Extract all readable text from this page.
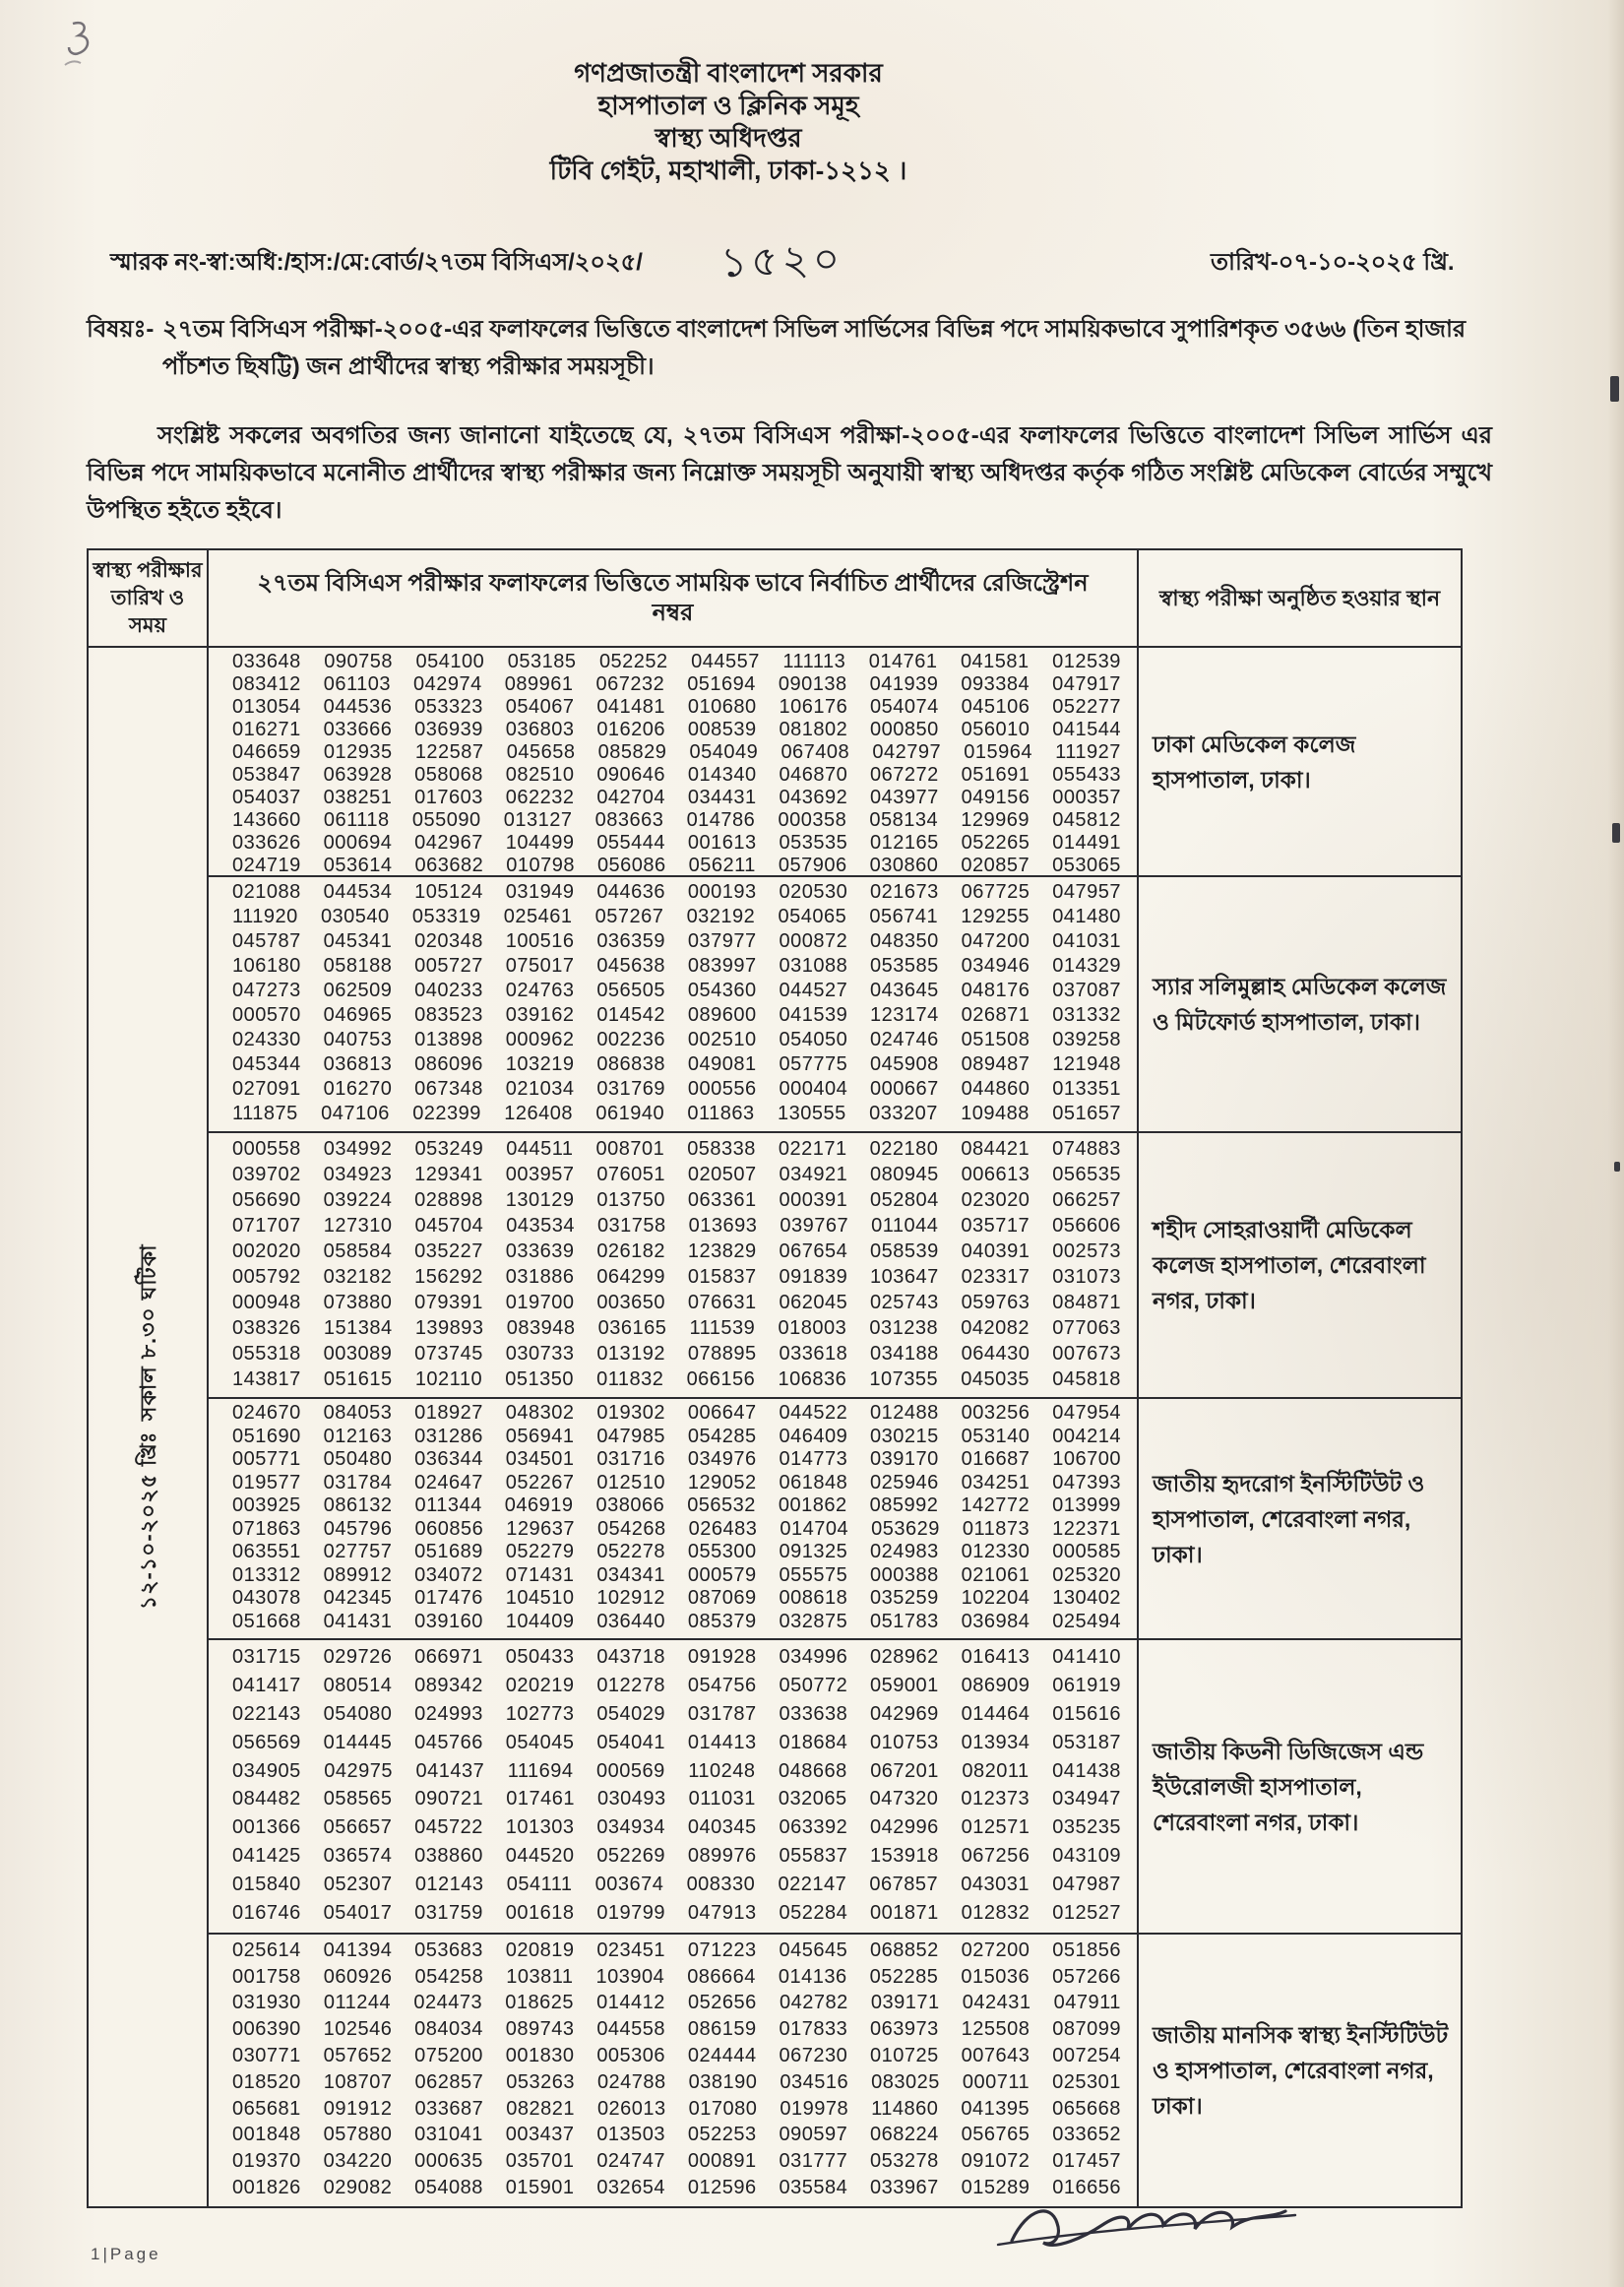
গণপ্রজাতন্ত্রী বাংলাদেশ সরকার
হাসপাতাল ও ক্লিনিক সমূহ
স্বাস্থ্য অধিদপ্তর
টিবি গেইট, মহাখালী, ঢাকা-১২১২ ।
স্মারক নং-স্বা:অধি:/হাস:/মে:বোর্ড/২৭তম বিসিএস/২০২৫/ ১৫২০	তারিখ-০৭-১০-২০২৫ খ্রি.
বিষয়ঃ- ২৭তম বিসিএস পরীক্ষা-২০০৫-এর ফলাফলের ভিত্তিতে বাংলাদেশ সিভিল সার্ভিসের বিভিন্ন পদে সাময়িকভাবে সুপারিশকৃত ৩৫৬৬ (তিন হাজার পাঁচশত ছিষট্টি) জন প্রার্থীদের স্বাস্থ্য পরীক্ষার সময়সূচী।
সংশ্লিষ্ট সকলের অবগতির জন্য জানানো যাইতেছে যে, ২৭তম বিসিএস পরীক্ষা-২০০৫-এর ফলাফলের ভিত্তিতে বাংলাদেশ সিভিল সার্ভিস এর বিভিন্ন পদে সাময়িকভাবে মনোনীত প্রার্থীদের স্বাস্থ্য পরীক্ষার জন্য নিম্নোক্ত সময়সূচী অনুযায়ী স্বাস্থ্য অধিদপ্তর কর্তৃক গঠিত সংশ্লিষ্ট মেডিকেল বোর্ডের সম্মুখে উপস্থিত হইতে হইবে।
স্বাস্থ্য পরীক্ষার তারিখ ও সময়
২৭তম বিসিএস পরীক্ষার ফলাফলের ভিত্তিতে সাময়িক ভাবে নির্বাচিত প্রার্থীদের রেজিস্ট্রেশন নম্বর
স্বাস্থ্য পরীক্ষা অনুষ্ঠিত হওয়ার স্থান
১২-১০-২০২৫ খ্রিঃ
সকাল ৮.৩০ ঘটিকা
033648 090758 054100 053185 052252 044557 111113 014761 041581 012539
083412 061103 042974 089961 067232 051694 090138 041939 093384 047917
013054 044536 053323 054067 041481 010680 106176 054074 045106 052277
016271 033666 036939 036803 016206 008539 081802 000850 056010 041544
046659 012935 122587 045658 085829 054049 067408 042797 015964 111927
053847 063928 058068 082510 090646 014340 046870 067272 051691 055433
054037 038251 017603 062232 042704 034431 043692 043977 049156 000357
143660 061118 055090 013127 083663 014786 000358 058134 129969 045812
033626 000694 042967 104499 055444 001613 053535 012165 052265 014491
024719 053614 063682 010798 056086 056211 057906 030860 020857 053065
ঢাকা মেডিকেল কলেজ হাসপাতাল, ঢাকা।
021088 044534 105124 031949 044636 000193 020530 021673 067725 047957
111920 030540 053319 025461 057267 032192 054065 056741 129255 041480
045787 045341 020348 100516 036359 037977 000872 048350 047200 041031
106180 058188 005727 075017 045638 083997 031088 053585 034946 014329
047273 062509 040233 024763 056505 054360 044527 043645 048176 037087
000570 046965 083523 039162 014542 089600 041539 123174 026871 031332
024330 040753 013898 000962 002236 002510 054050 024746 051508 039258
045344 036813 086096 103219 086838 049081 057775 045908 089487 121948
027091 016270 067348 021034 031769 000556 000404 000667 044860 013351
111875 047106 022399 126408 061940 011863 130555 033207 109488 051657
স্যার সলিমুল্লাহ মেডিকেল কলেজ ও মিটফোর্ড হাসপাতাল, ঢাকা।
000558 034992 053249 044511 008701 058338 022171 022180 084421 074883
039702 034923 129341 003957 076051 020507 034921 080945 006613 056535
056690 039224 028898 130129 013750 063361 000391 052804 023020 066257
071707 127310 045704 043534 031758 013693 039767 011044 035717 056606
002020 058584 035227 033639 026182 123829 067654 058539 040391 002573
005792 032182 156292 031886 064299 015837 091839 103647 023317 031073
000948 073880 079391 019700 003650 076631 062045 025743 059763 084871
038326 151384 139893 083948 036165 111539 018003 031238 042082 077063
055318 003089 073745 030733 013192 078895 033618 034188 064430 007673
143817 051615 102110 051350 011832 066156 106836 107355 045035 045818
শহীদ সোহরাওয়ার্দী মেডিকেল কলেজ হাসপাতাল, শেরেবাংলা নগর, ঢাকা।
024670 084053 018927 048302 019302 006647 044522 012488 003256 047954
051690 012163 031286 056941 047985 054285 046409 030215 053140 004214
005771 050480 036344 034501 031716 034976 014773 039170 016687 106700
019577 031784 024647 052267 012510 129052 061848 025946 034251 047393
003925 086132 011344 046919 038066 056532 001862 085992 142772 013999
071863 045796 060856 129637 054268 026483 014704 053629 011873 122371
063551 027757 051689 052279 052278 055300 091325 024983 012330 000585
013312 089912 034072 071431 034341 000579 055575 000388 021061 025320
043078 042345 017476 104510 102912 087069 008618 035259 102204 130402
051668 041431 039160 104409 036440 085379 032875 051783 036984 025494
জাতীয় হৃদরোগ ইনস্টিটিউট ও হাসপাতাল, শেরেবাংলা নগর, ঢাকা।
031715 029726 066971 050433 043718 091928 034996 028962 016413 041410
041417 080514 089342 020219 012278 054756 050772 059001 086909 061919
022143 054080 024993 102773 054029 031787 033638 042969 014464 015616
056569 014445 045766 054045 054041 014413 018684 010753 013934 053187
034905 042975 041437 111694 000569 110248 048668 067201 082011 041438
084482 058565 090721 017461 030493 011031 032065 047320 012373 034947
001366 056657 045722 101303 034934 040345 063392 042996 012571 035235
041425 036574 038860 044520 052269 089976 055837 153918 067256 043109
015840 052307 012143 054111 003674 008330 022147 067857 043031 047987
016746 054017 031759 001618 019799 047913 052284 001871 012832 012527
জাতীয় কিডনী ডিজিজেস এন্ড ইউরোলজী হাসপাতাল, শেরেবাংলা নগর, ঢাকা।
025614 041394 053683 020819 023451 071223 045645 068852 027200 051856
001758 060926 054258 103811 103904 086664 014136 052285 015036 057266
031930 011244 024473 018625 014412 052656 042782 039171 042431 047911
006390 102546 084034 089743 044558 086159 017833 063973 125508 087099
030771 057652 075200 001830 005306 024444 067230 010725 007643 007254
018520 108707 062857 053263 024788 038190 034516 083025 000711 025301
065681 091912 033687 082821 026013 017080 019978 114860 041395 065668
001848 057880 031041 003437 013503 052253 090597 068224 056765 033652
019370 034220 000635 035701 024747 000891 031777 053278 091072 017457
001826 029082 054088 015901 032654 012596 035584 033967 015289 016656
জাতীয় মানসিক স্বাস্থ্য ইনস্টিটিউট ও হাসপাতাল, শেরেবাংলা নগর, ঢাকা।
1|Page
